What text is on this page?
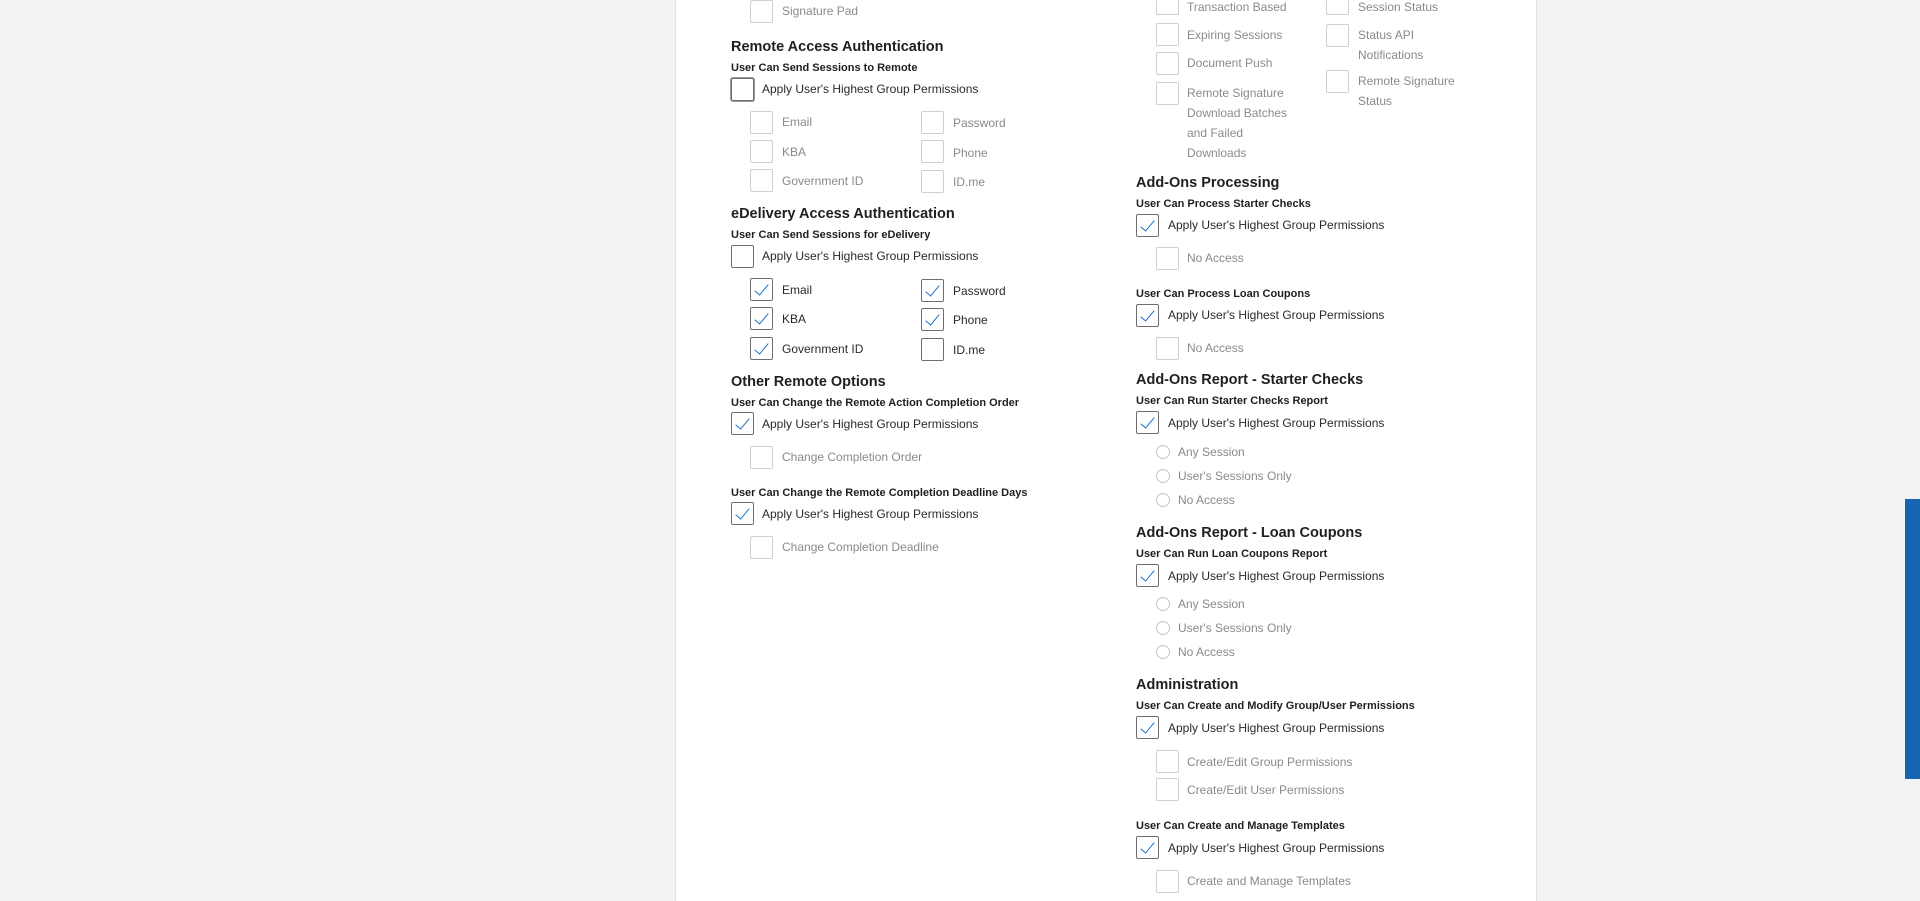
Signature Pad
Remote Access Authentication
User Can Send Sessions to Remote
Apply User's Highest Group Permissions
Email	Password
KBA	Phone
Government ID	ID.me
eDelivery Access Authentication
User Can Send Sessions for eDelivery
Apply User's Highest Group Permissions
Email	Password
KBA	Phone
Government ID	ID.me
Other Remote Options
User Can Change the Remote Action Completion Order
Apply User's Highest Group Permissions
Change Completion Order
User Can Change the Remote Completion Deadline Days
Apply User's Highest Group Permissions
Change Completion Deadline
Transaction Based
Expiring Sessions
Document Push
Remote Signature Download Batches and Failed Downloads
Session Status
Status API Notifications
Remote Signature Status
Add-Ons Processing
User Can Process Starter Checks
Apply User's Highest Group Permissions
No Access
User Can Process Loan Coupons
Apply User's Highest Group Permissions
No Access
Add-Ons Report - Starter Checks
User Can Run Starter Checks Report
Apply User's Highest Group Permissions
Any Session
User's Sessions Only
No Access
Add-Ons Report - Loan Coupons
User Can Run Loan Coupons Report
Apply User's Highest Group Permissions
Any Session
User's Sessions Only
No Access
Administration
User Can Create and Modify Group/User Permissions
Apply User's Highest Group Permissions
Create/Edit Group Permissions
Create/Edit User Permissions
User Can Create and Manage Templates
Apply User's Highest Group Permissions
Create and Manage Templates
